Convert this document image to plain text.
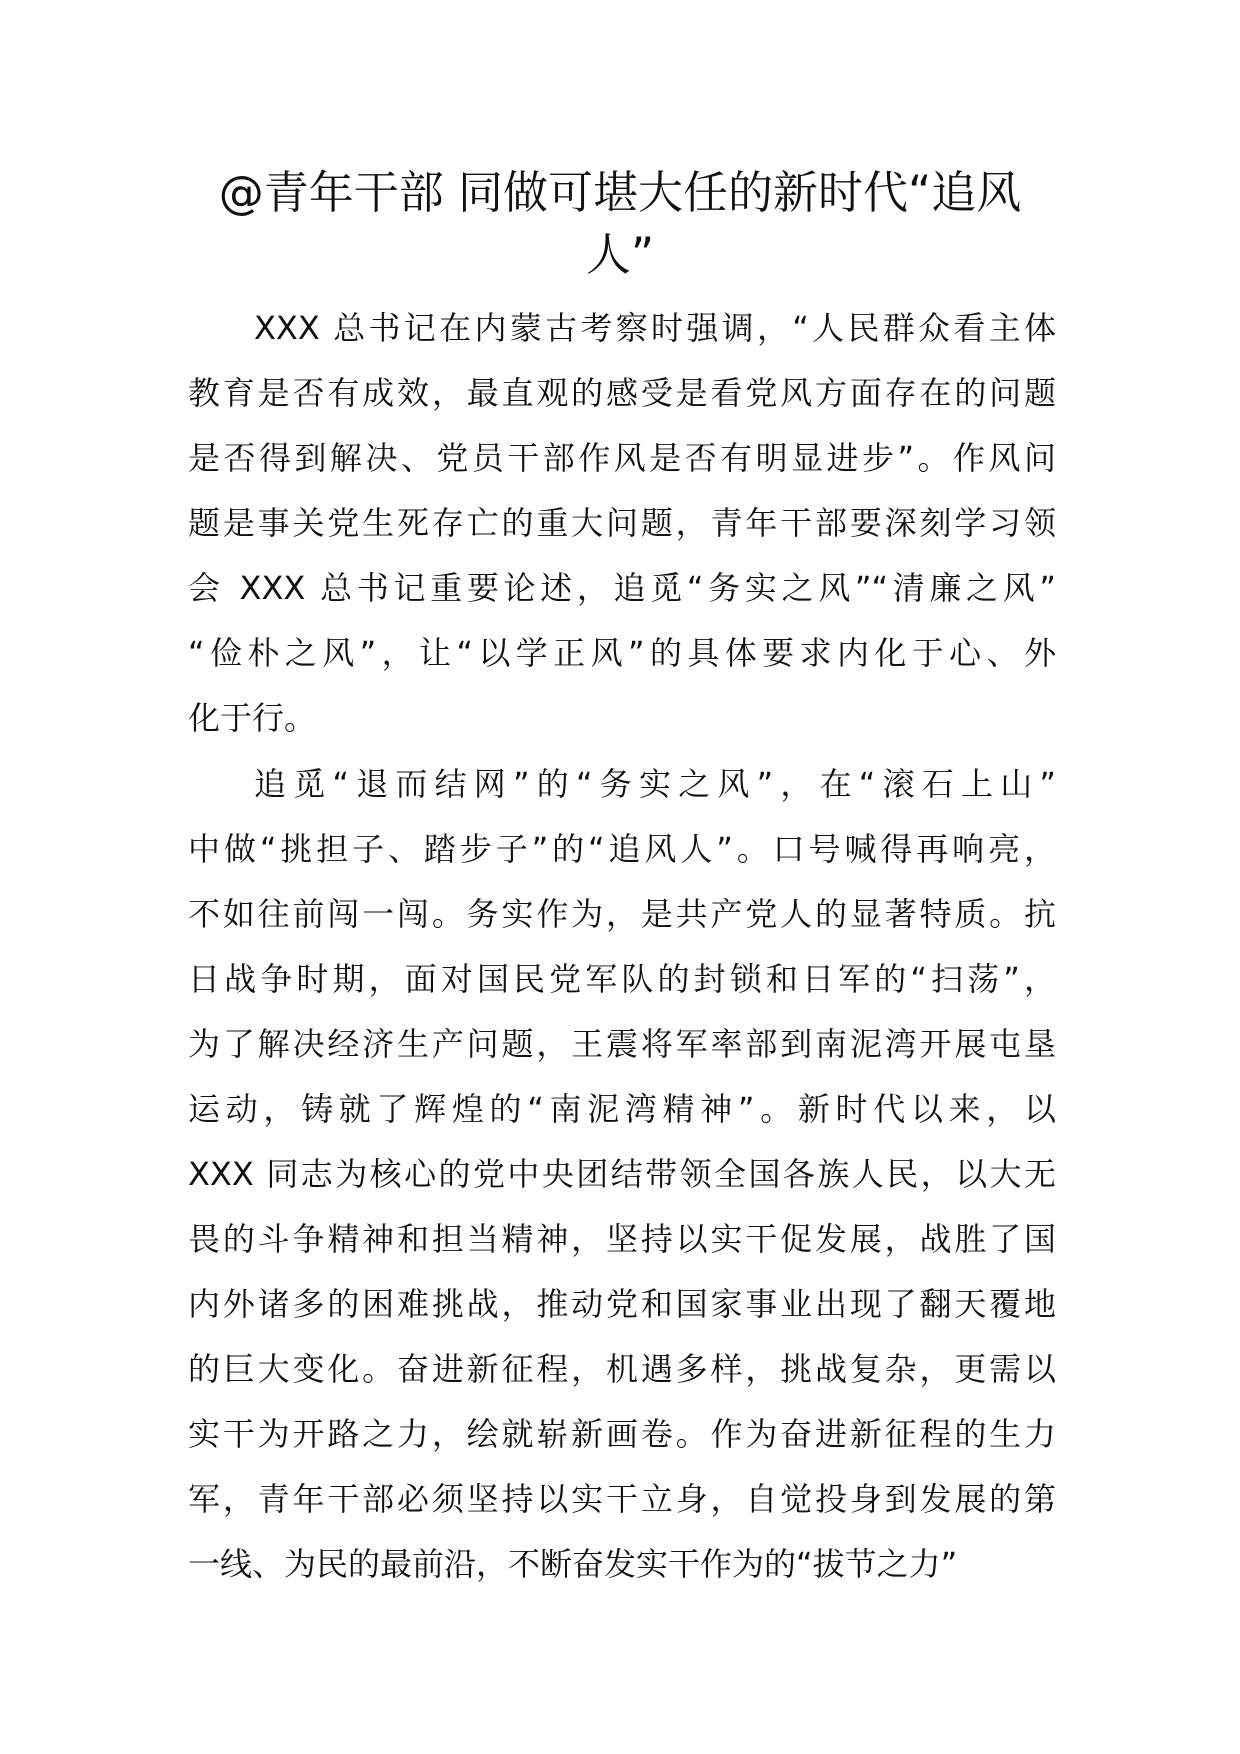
@青年干部 同做可堪大任的新时代“追风
人”
XXX 总书记在内蒙古考察时强调，“人民群众看主体
教育是否有成效，最直观的感受是看党风方面存在的问题
是否得到解决、党员干部作风是否有明显进步”。作风问
题是事关党生死存亡的重大问题，青年干部要深刻学习领
会 XXX 总书记重要论述，追觅“务实之风”“清廉之风”
“俭朴之风”，让“以学正风”的具体要求内化于心、外
化于行。
追觅“退而结网”的“务实之风”，在“滚石上山”
中做“挑担子、踏步子”的“追风人”。口号喊得再响亮，
不如往前闯一闯。务实作为，是共产党人的显著特质。抗
日战争时期，面对国民党军队的封锁和日军的“扫荡”，
为了解决经济生产问题，王震将军率部到南泥湾开展屯垦
运动，铸就了辉煌的“南泥湾精神”。新时代以来，以
XXX 同志为核心的党中央团结带领全国各族人民，以大无
畏的斗争精神和担当精神，坚持以实干促发展，战胜了国
内外诸多的困难挑战，推动党和国家事业出现了翻天覆地
的巨大变化。奋进新征程，机遇多样，挑战复杂，更需以
实干为开路之力，绘就崭新画卷。作为奋进新征程的生力
军，青年干部必须坚持以实干立身，自觉投身到发展的第
一线、为民的最前沿，不断奋发实干作为的“拔节之力”
